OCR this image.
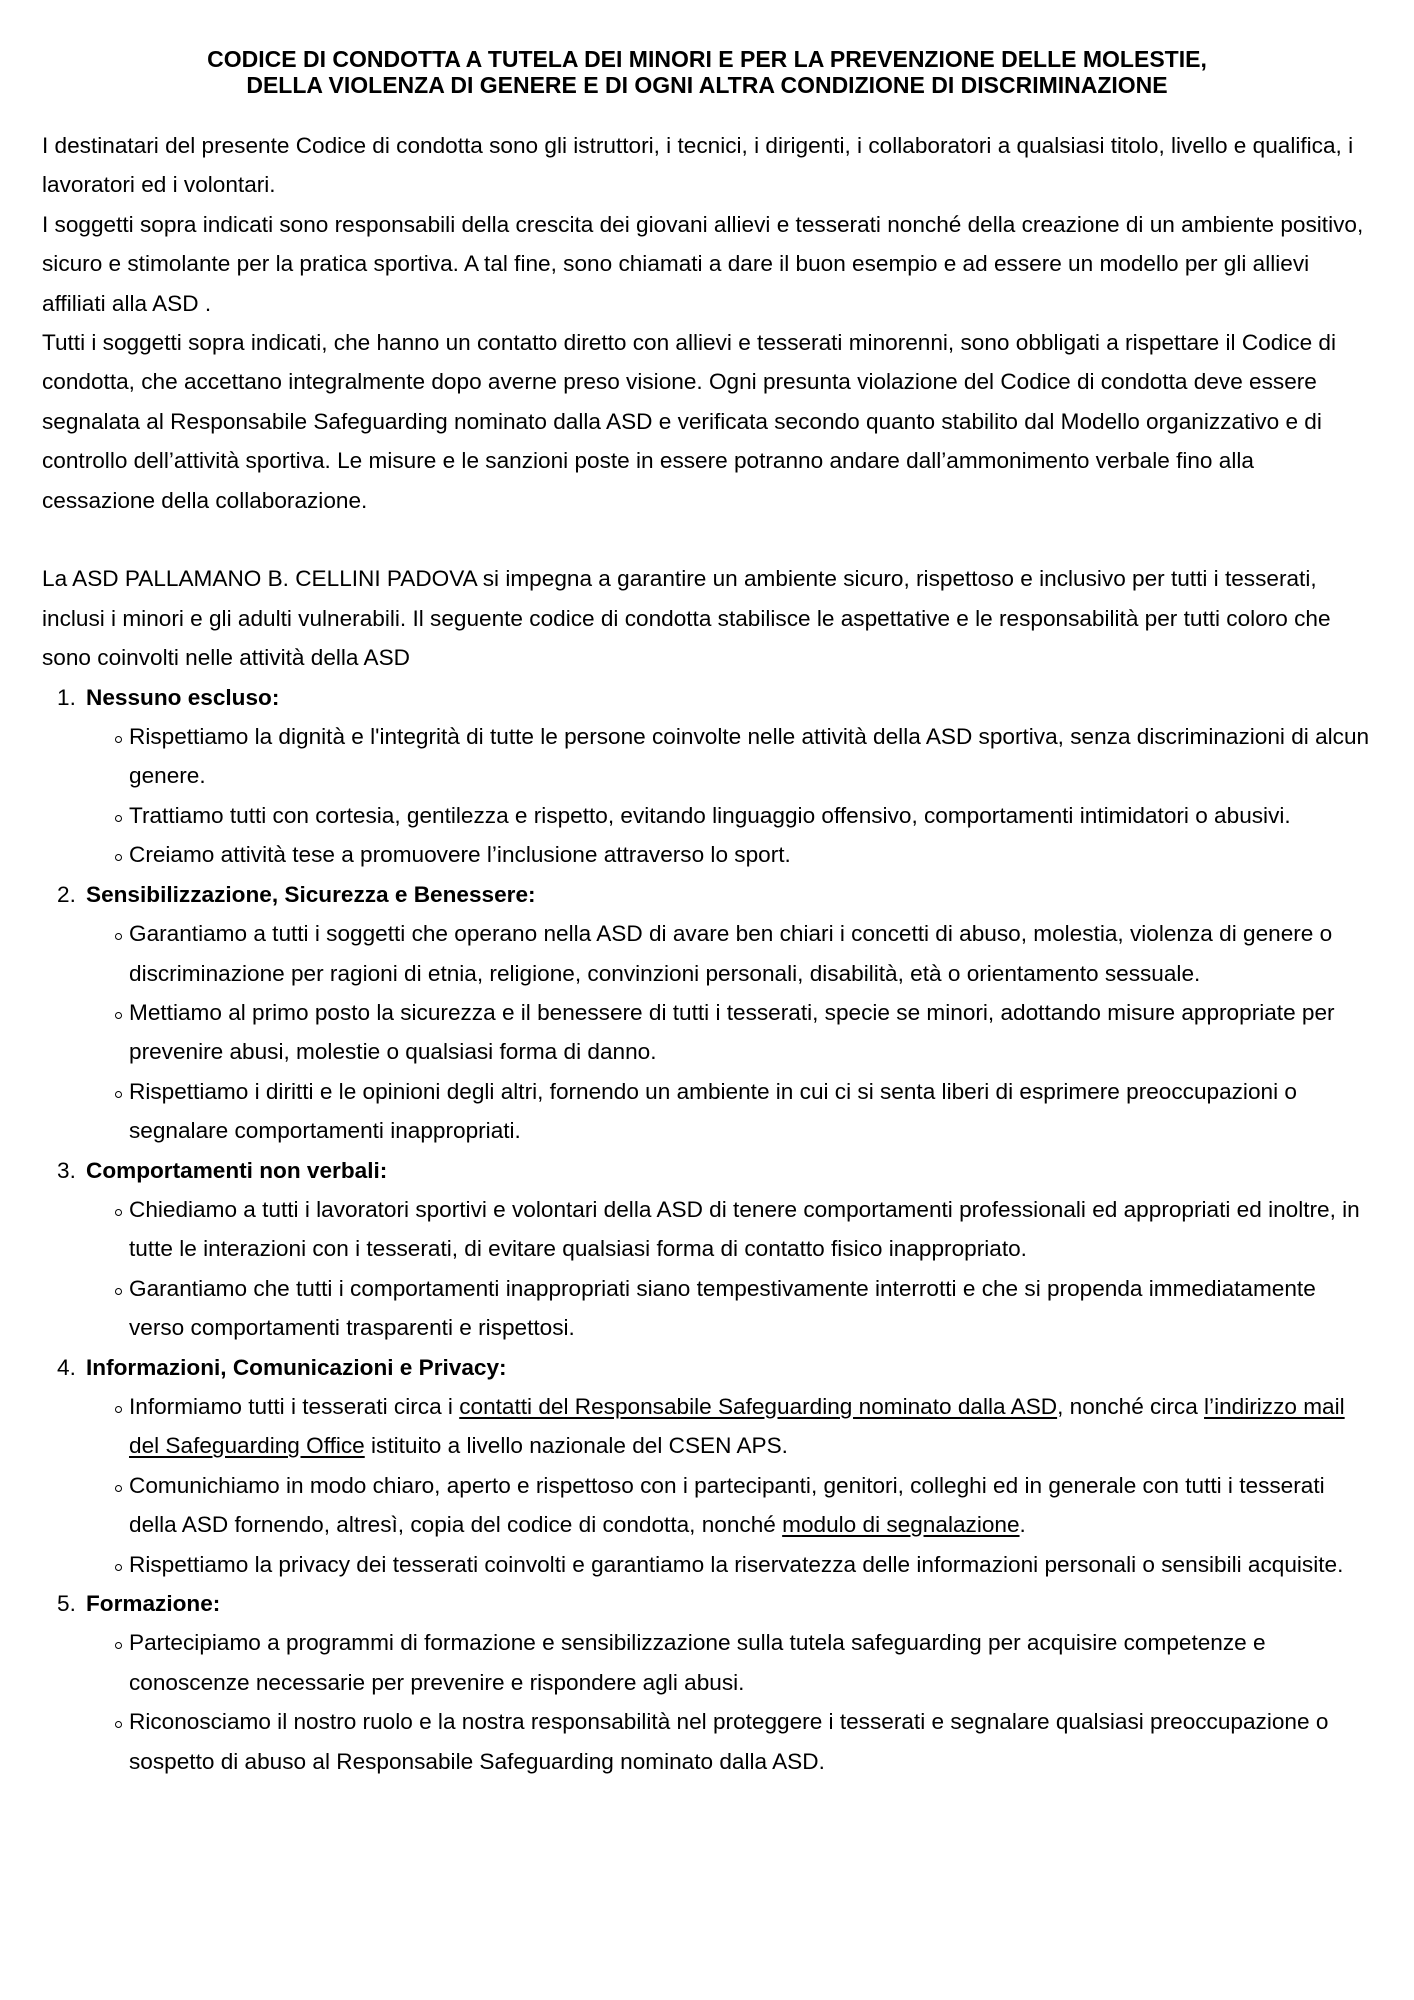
CODICE DI CONDOTTA A TUTELA DEI MINORI E PER LA PREVENZIONE DELLE MOLESTIE,
DELLA VIOLENZA DI GENERE E DI OGNI ALTRA CONDIZIONE DI DISCRIMINAZIONE

I destinatari del presente Codice di condotta sono gli istruttori, i tecnici, i dirigenti, i collaboratori a qualsiasi titolo, livello e qualifica, i lavoratori ed i volontari.

I soggetti sopra indicati sono responsabili della crescita dei giovani allievi e tesserati nonché della creazione di un ambiente positivo, sicuro e stimolante per la pratica sportiva. A tal fine, sono chiamati a dare il buon esempio e ad essere un modello per gli allievi affiliati alla ASD .

Tutti i soggetti sopra indicati, che hanno un contatto diretto con allievi e tesserati minorenni, sono obbligati a rispettare il Codice di condotta, che accettano integralmente dopo averne preso visione. Ogni presunta violazione del Codice di condotta deve essere segnalata al Responsabile Safeguarding nominato dalla ASD e verificata secondo quanto stabilito dal Modello organizzativo e di controllo dell’attività sportiva. Le misure e le sanzioni poste in essere potranno andare dall’ammonimento verbale fino alla cessazione della collaborazione.

La ASD PALLAMANO B. CELLINI PADOVA si impegna a garantire un ambiente sicuro, rispettoso e inclusivo per tutti i tesserati, inclusi i minori e gli adulti vulnerabili. Il seguente codice di condotta stabilisce le aspettative e le responsabilità per tutti coloro che sono coinvolti nelle attività della ASD

1. Nessuno escluso:
Rispettiamo la dignità e l'integrità di tutte le persone coinvolte nelle attività della ASD sportiva, senza discriminazioni di alcun genere.
Trattiamo tutti con cortesia, gentilezza e rispetto, evitando linguaggio offensivo, comportamenti intimidatori o abusivi.
Creiamo attività tese a promuovere l’inclusione attraverso lo sport.
2. Sensibilizzazione, Sicurezza e Benessere:
Garantiamo a tutti i soggetti che operano nella ASD di avare ben chiari i concetti di abuso, molestia, violenza di genere o discriminazione per ragioni di etnia, religione, convinzioni personali, disabilità, età o orientamento sessuale.
Mettiamo al primo posto la sicurezza e il benessere di tutti i tesserati, specie se minori, adottando misure appropriate per prevenire abusi, molestie o qualsiasi forma di danno.
Rispettiamo i diritti e le opinioni degli altri, fornendo un ambiente in cui ci si senta liberi di esprimere preoccupazioni o segnalare comportamenti inappropriati.
3. Comportamenti non verbali:
Chiediamo a tutti i lavoratori sportivi e volontari della ASD di tenere comportamenti professionali ed appropriati ed inoltre, in tutte le interazioni con i tesserati, di evitare qualsiasi forma di contatto fisico inappropriato.
Garantiamo che tutti i comportamenti inappropriati siano tempestivamente interrotti e che si propenda immediatamente verso comportamenti trasparenti e rispettosi.
4. Informazioni, Comunicazioni e Privacy:
Informiamo tutti i tesserati circa i contatti del Responsabile Safeguarding nominato dalla ASD, nonché circa l’indirizzo mail del Safeguarding Office istituito a livello nazionale del CSEN APS.
Comunichiamo in modo chiaro, aperto e rispettoso con i partecipanti, genitori, colleghi ed in generale con tutti i tesserati della ASD fornendo, altresì, copia del codice di condotta, nonché modulo di segnalazione.
Rispettiamo la privacy dei tesserati coinvolti e garantiamo la riservatezza delle informazioni personali o sensibili acquisite.
5. Formazione:
Partecipiamo a programmi di formazione e sensibilizzazione sulla tutela safeguarding per acquisire competenze e conoscenze necessarie per prevenire e rispondere agli abusi.
Riconosciamo il nostro ruolo e la nostra responsabilità nel proteggere i tesserati e segnalare qualsiasi preoccupazione o sospetto di abuso al Responsabile Safeguarding nominato dalla ASD.
